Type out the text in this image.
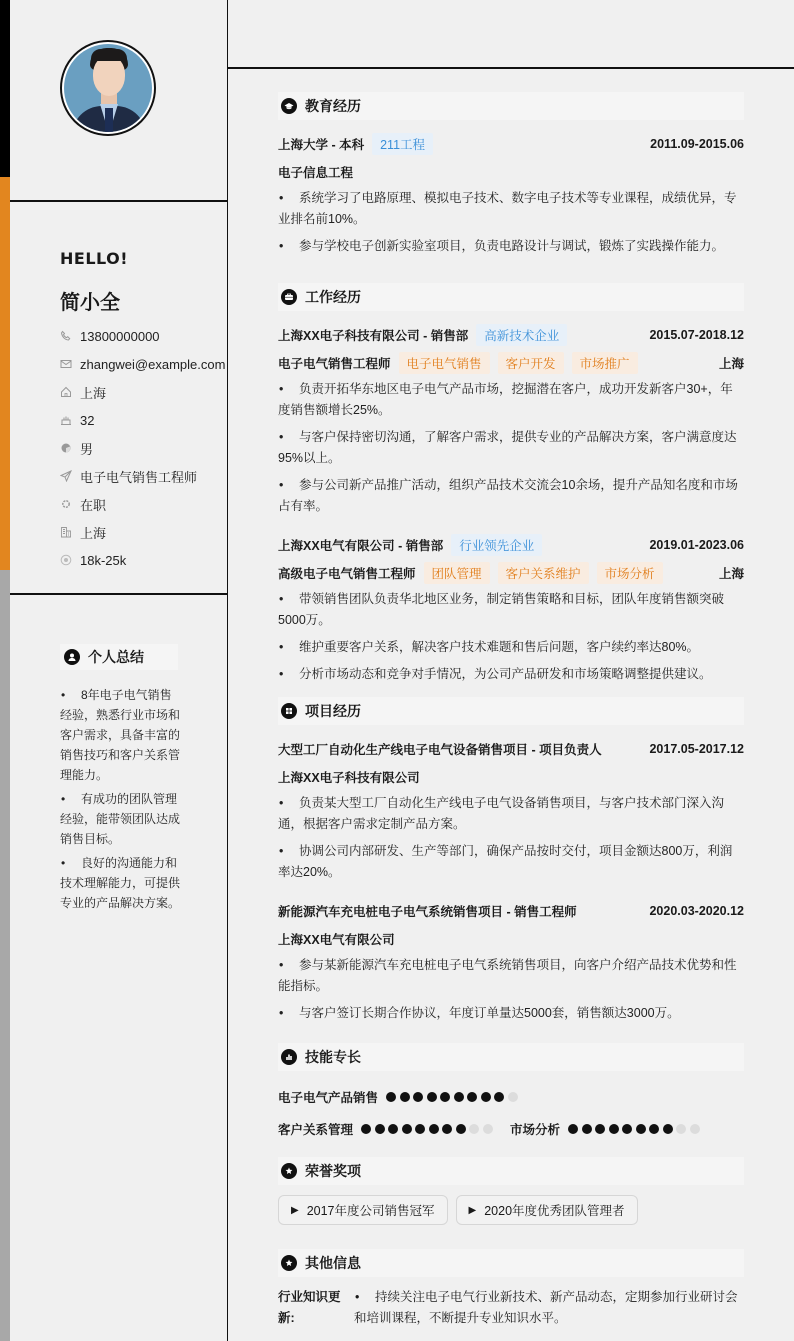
HELLO!
简小全
13800000000
zhangwei@example.com
上海
32
男
电子电气销售工程师
在职
上海
18k-25k
个人总结
• 8年电子电气销售经验，熟悉行业市场和客户需求，具备丰富的销售技巧和客户关系管理能力。
• 有成功的团队管理经验，能带领团队达成销售目标。
• 良好的沟通能力和技术理解能力，可提供专业的产品解决方案。
教育经历
上海大学 - 本科	211工程	2011.09-2015.06
电子信息工程
• 系统学习了电路原理、模拟电子技术、数字电子技术等专业课程，成绩优异，专业排名前10%。
• 参与学校电子创新实验室项目，负责电路设计与调试，锻炼了实践操作能力。
工作经历
上海XX电子科技有限公司 - 销售部	高新技术企业	2015.07-2018.12
电子电气销售工程师	电子电气销售	客户开发	市场推广	上海
• 负责开拓华东地区电子电气产品市场，挖掘潜在客户，成功开发新客户30+，年度销售额增长25%。
• 与客户保持密切沟通，了解客户需求，提供专业的产品解决方案，客户满意度达95%以上。
• 参与公司新产品推广活动，组织产品技术交流会10余场，提升产品知名度和市场占有率。
上海XX电气有限公司 - 销售部	行业领先企业	2019.01-2023.06
高级电子电气销售工程师	团队管理	客户关系维护	市场分析	上海
• 带领销售团队负责华北地区业务，制定销售策略和目标，团队年度销售额突破5000万。
• 维护重要客户关系，解决客户技术难题和售后问题，客户续约率达80%。
• 分析市场动态和竞争对手情况，为公司产品研发和市场策略调整提供建议。
项目经历
大型工厂自动化生产线电子电气设备销售项目 - 项目负责人	2017.05-2017.12
上海XX电子科技有限公司
• 负责某大型工厂自动化生产线电子电气设备销售项目，与客户技术部门深入沟通，根据客户需求定制产品方案。
• 协调公司内部研发、生产等部门，确保产品按时交付，项目金额达800万，利润率达20%。
新能源汽车充电桩电子电气系统销售项目 - 销售工程师	2020.03-2020.12
上海XX电气有限公司
• 参与某新能源汽车充电桩电子电气系统销售项目，向客户介绍产品技术优势和性能指标。
• 与客户签订长期合作协议，年度订单量达5000套，销售额达3000万。
技能专长
电子电气产品销售
客户关系管理	市场分析
荣誉奖项
▶ 2017年度公司销售冠军	▶ 2020年度优秀团队管理者
其他信息
行业知识更新:
• 持续关注电子电气行业新技术、新产品动态，定期参加行业研讨会和培训课程，不断提升专业知识水平。
